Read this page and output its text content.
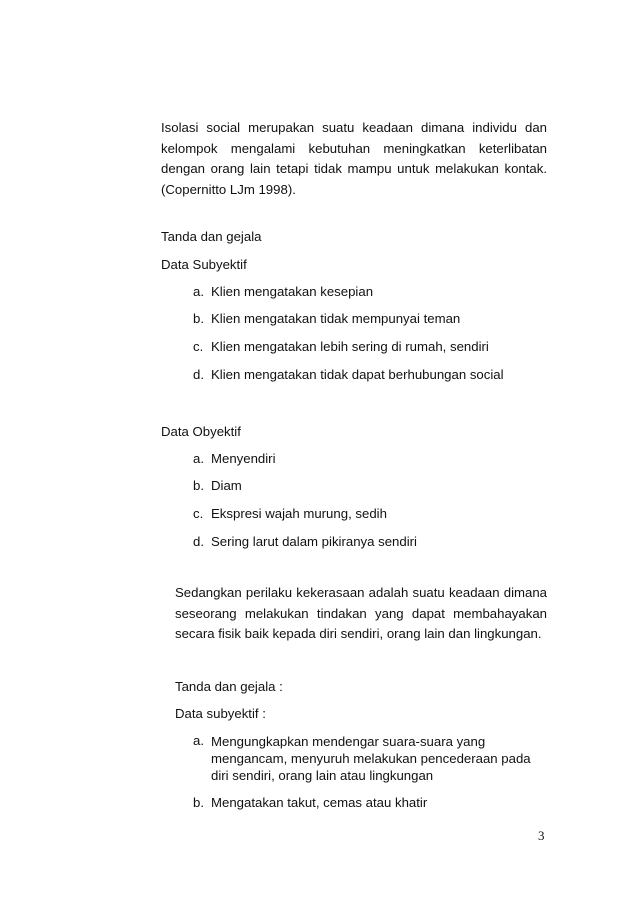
Isolasi social merupakan suatu keadaan dimana individu dan kelompok mengalami kebutuhan meningkatkan keterlibatan dengan orang lain tetapi tidak mampu untuk melakukan kontak. (Copernitto LJm 1998).

Tanda dan gejala
Data Subyektif
a. Klien mengatakan kesepian
b. Klien mengatakan tidak mempunyai teman
c. Klien mengatakan lebih sering di rumah, sendiri
d. Klien mengatakan tidak dapat berhubungan social
Data Obyektif
a. Menyendiri
b. Diam
c. Ekspresi wajah murung, sedih
d. Sering larut dalam pikiranya sendiri

Sedangkan perilaku kekerasaan adalah suatu keadaan dimana seseorang melakukan tindakan yang dapat membahayakan secara fisik baik kepada diri sendiri, orang lain dan lingkungan.

Tanda dan gejala :
Data subyektif :
a. Mengungkapkan mendengar suara-suara yang mengancam, menyuruh melakukan pencederaan pada diri sendiri, orang lain atau lingkungan
b. Mengatakan takut, cemas atau khatir
3
